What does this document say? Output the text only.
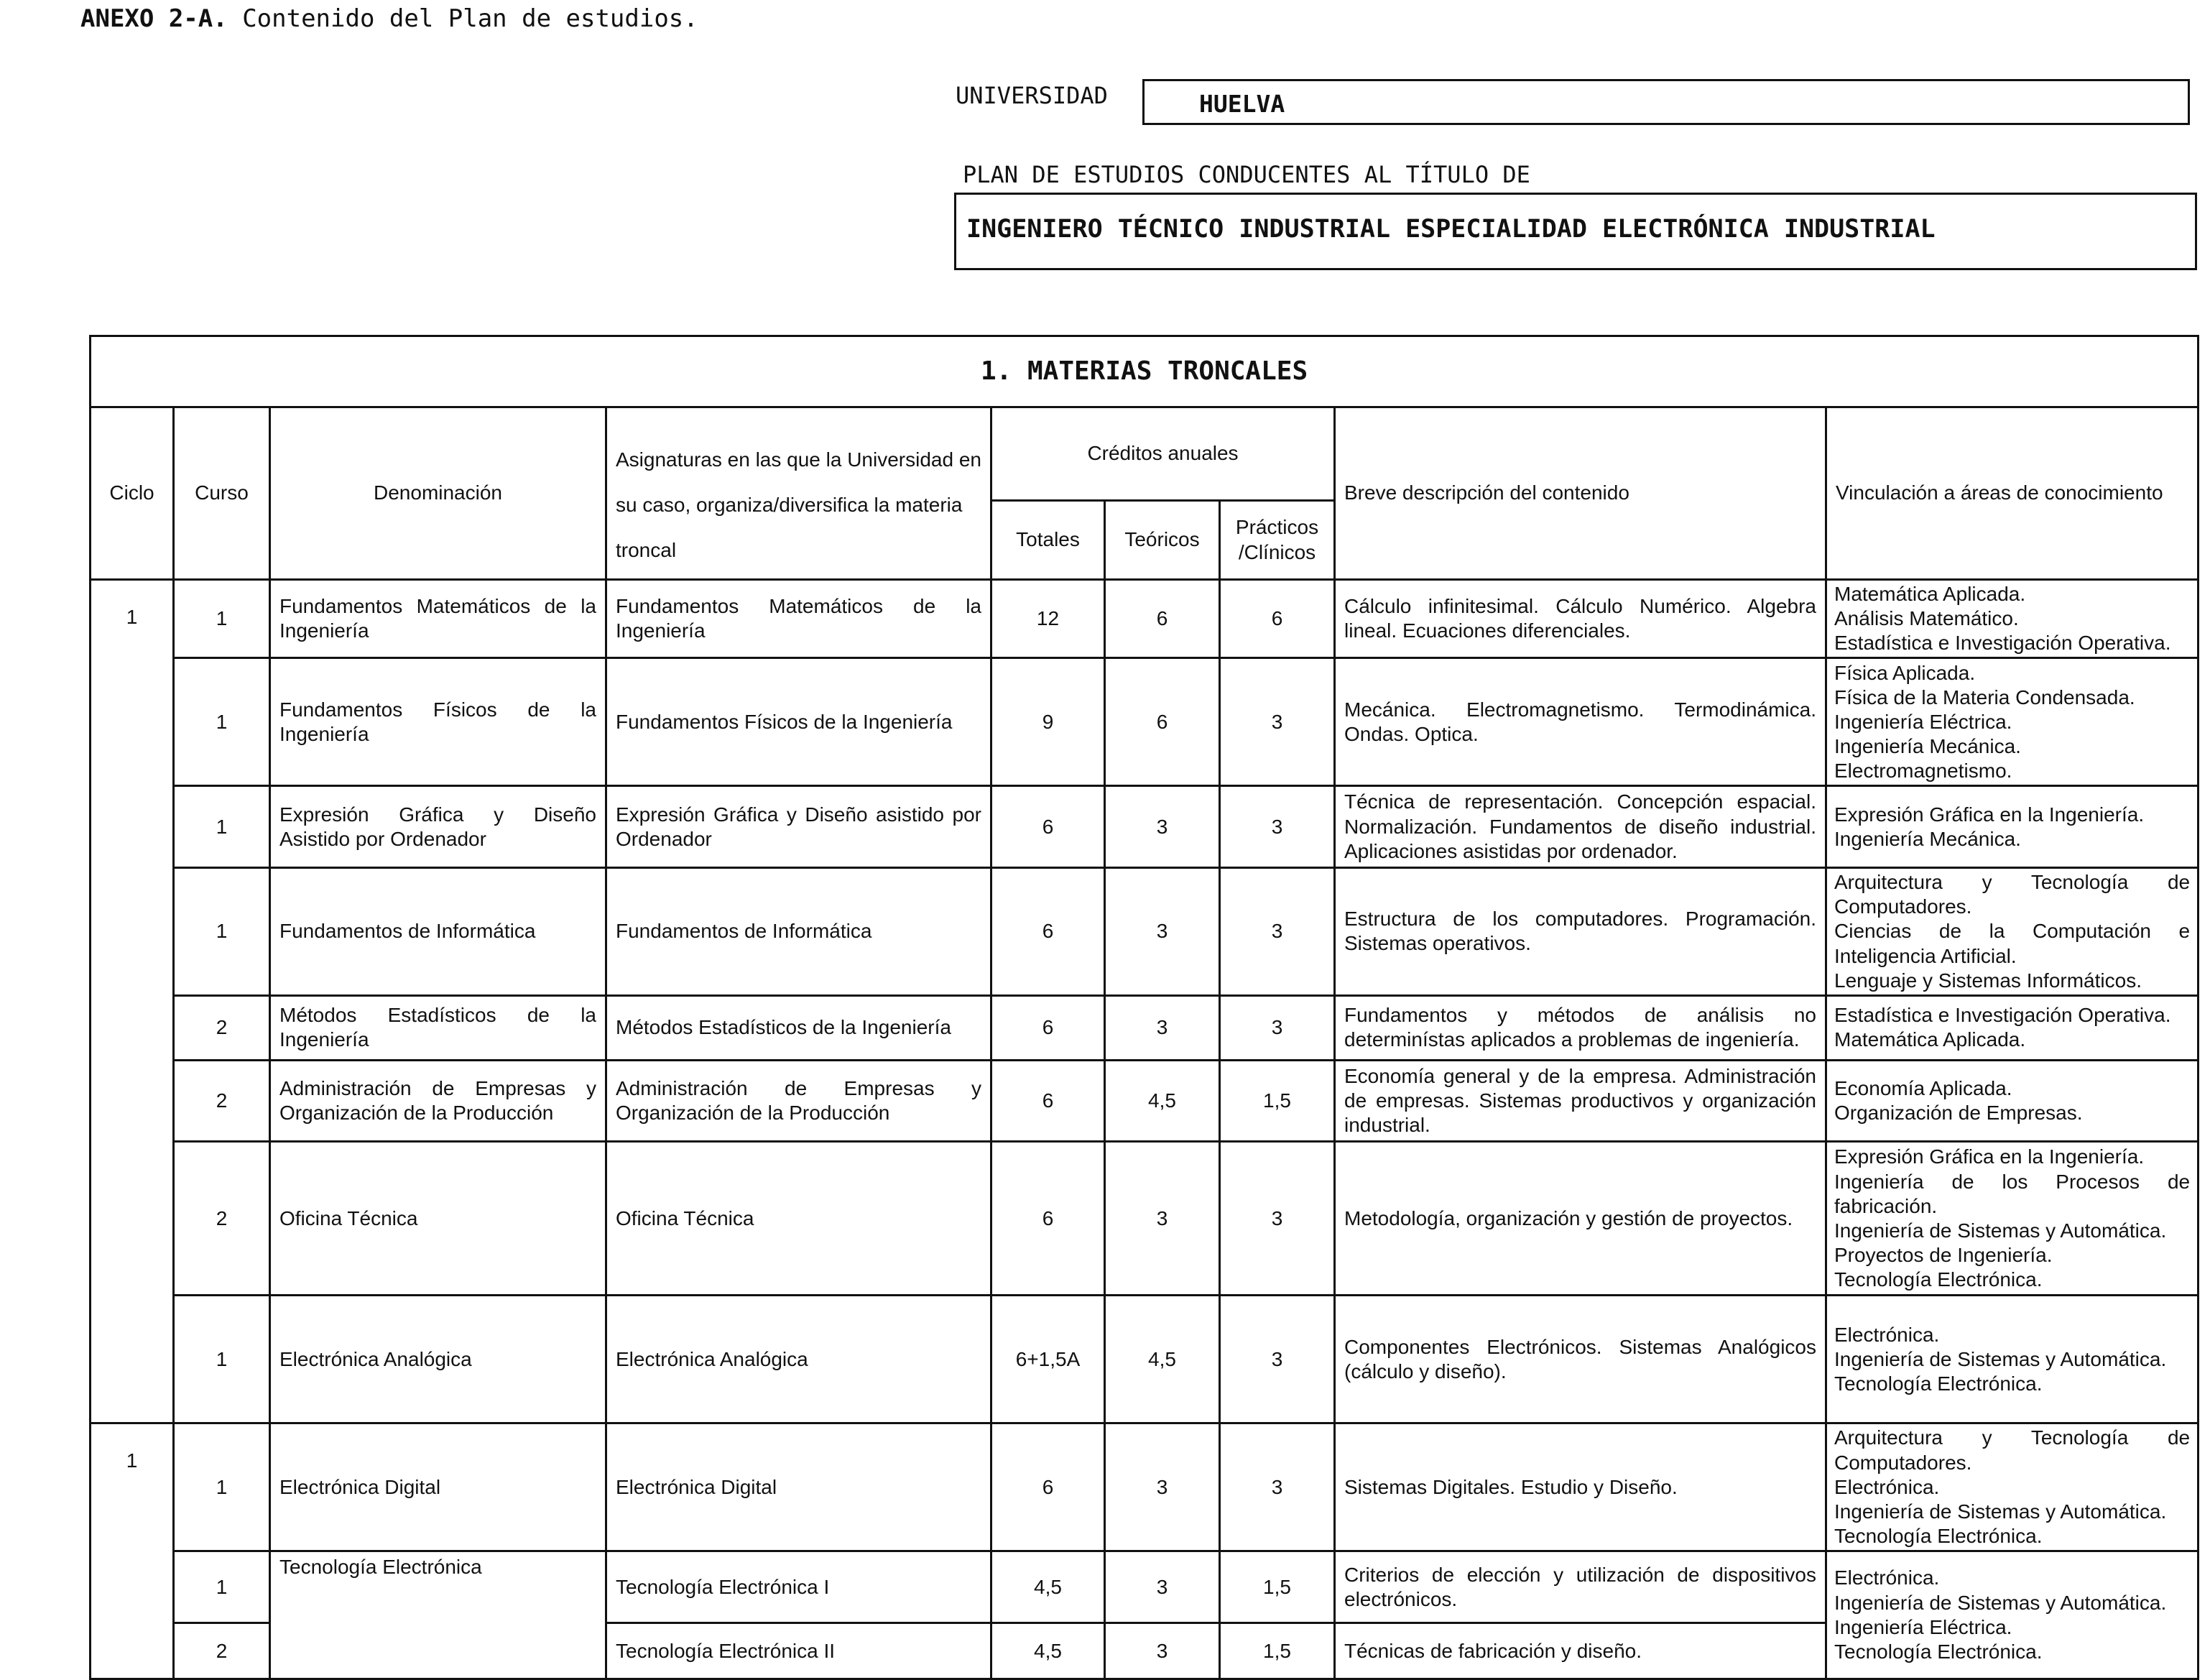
ANEXO 2-A. Contenido del Plan de estudios.
UNIVERSIDAD	HUELVA
PLAN DE ESTUDIOS CONDUCENTES AL TÍTULO DE
INGENIERO TÉCNICO INDUSTRIAL ESPECIALIDAD ELECTRÓNICA INDUSTRIAL
1. MATERIAS TRONCALES								
Ciclo	Curso	Denominación	Asignaturas en las que la Universidad en su caso, organiza/diversifica la materia troncal	Créditos anuales			Breve descripción del contenido	Vinculación a áreas de conocimiento
				Totales	Teóricos	Prácticos /Clínicos		
1	1	Fundamentos Matemáticos de la Ingeniería	Fundamentos Matemáticos de la Ingeniería	12	6	6	Cálculo infinitesimal. Cálculo Numérico. Algebra lineal. Ecuaciones diferenciales.	Matemática Aplicada.
Análisis Matemático.
Estadística e Investigación Operativa.
	1	Fundamentos Físicos de la Ingeniería	Fundamentos Físicos de la Ingeniería	9	6	3	Mecánica. Electromagnetismo. Termodinámica. Ondas. Optica.	Física Aplicada.
Física de la Materia Condensada.
Ingeniería Eléctrica.
Ingeniería Mecánica.
Electromagnetismo.
	1	Expresión Gráfica y Diseño Asistido por Ordenador	Expresión Gráfica y Diseño asistido por Ordenador	6	3	3	Técnica de representación. Concepción espacial. Normalización. Fundamentos de diseño industrial. Aplicaciones asistidas por ordenador.	Expresión Gráfica en la Ingeniería.
Ingeniería Mecánica.
	1	Fundamentos de Informática	Fundamentos de Informática	6	3	3	Estructura de los computadores. Programación. Sistemas operativos.	Arquitectura y Tecnología de Computadores.
Ciencias de la Computación e Inteligencia Artificial.
Lenguaje y Sistemas Informáticos.
	2	Métodos Estadísticos de la Ingeniería	Métodos Estadísticos de la Ingeniería	6	3	3	Fundamentos y métodos de análisis no determinístas aplicados a problemas de ingeniería.	Estadística e Investigación Operativa.
Matemática Aplicada.
	2	Administración de Empresas y Organización de la Producción	Administración de Empresas y Organización de la Producción	6	4,5	1,5	Economía general y de la empresa. Administración de empresas. Sistemas productivos y organización industrial.	Economía Aplicada.
Organización de Empresas.
	2	Oficina Técnica	Oficina Técnica	6	3	3	Metodología, organización y gestión de proyectos.	Expresión Gráfica en la Ingeniería.
Ingeniería de los Procesos de fabricación.
Ingeniería de Sistemas y Automática.
Proyectos de Ingeniería.
Tecnología Electrónica.
	1	Electrónica Analógica	Electrónica Analógica	6+1,5A	4,5	3	Componentes Electrónicos. Sistemas Analógicos (cálculo y diseño).	Electrónica.
Ingeniería de Sistemas y Automática.
Tecnología Electrónica.
1	1	Electrónica Digital	Electrónica Digital	6	3	3	Sistemas Digitales. Estudio y Diseño.	Arquitectura y Tecnología de Computadores.
Electrónica.
Ingeniería de Sistemas y Automática.
Tecnología Electrónica.
	1	Tecnología Electrónica	Tecnología Electrónica I	4,5	3	1,5	Criterios de elección y utilización de dispositivos electrónicos.	Electrónica.
Ingeniería de Sistemas y Automática.
Ingeniería Eléctrica.
Tecnología Electrónica.
	2		Tecnología Electrónica II	4,5	3	1,5	Técnicas de fabricación y diseño.	
